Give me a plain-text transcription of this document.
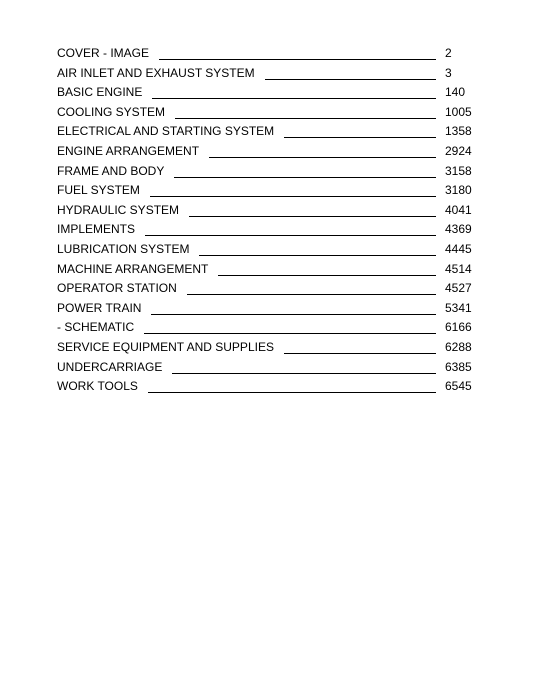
COVER - IMAGE	2
AIR INLET AND EXHAUST SYSTEM	3
BASIC ENGINE	140
COOLING SYSTEM	1005
ELECTRICAL AND STARTING SYSTEM	1358
ENGINE ARRANGEMENT	2924
FRAME AND BODY	3158
FUEL SYSTEM	3180
HYDRAULIC SYSTEM	4041
IMPLEMENTS	4369
LUBRICATION SYSTEM	4445
MACHINE ARRANGEMENT	4514
OPERATOR STATION	4527
POWER TRAIN	5341
- SCHEMATIC	6166
SERVICE EQUIPMENT AND SUPPLIES	6288
UNDERCARRIAGE	6385
WORK TOOLS	6545
